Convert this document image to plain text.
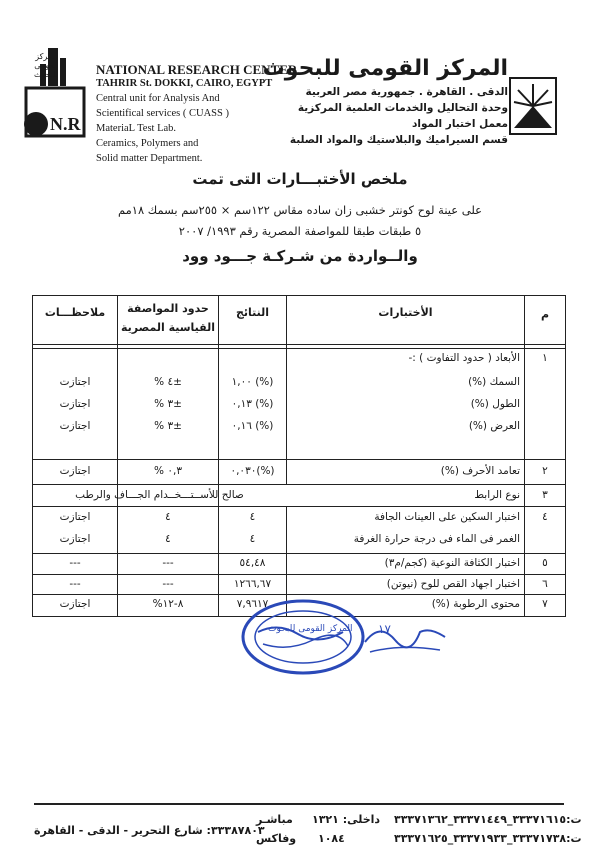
N.R
المركز
القومى
للبحوث	NATIONAL RESEARCH CENTER
TAHRIR St. DOKKI, CAIRO, EGYPT
Central unit for Analysis And
Scientifical services ( CUASS )
MateriaL Test Lab.
Ceramics, Polymers and
Solid matter Department.
المركز القومى للبحوث
الدقى . القاهرة . جمهورية مصر العربية
وحدة التحاليل والخدمات العلمية المركزية
معمل اختبار المواد
قسم السيراميك والبلاستيك والمواد الصلبة
ملخص الأختبـــارات التى تمت
على عينة لوح كونتر خشبى زان ساده مقاس ١٢٢سم × ٢٥٥سم بسمك ١٨مم
٥ طبقات طبقا للمواصفة المصرية رقم ١٩٩٣/ ٢٠٠٧
والــواردة من شـركـة جـــود وود
م
الأختبارات
النتائج
حدود المواصفة
القياسية المصرية
ملاحظـــات
١
الأبعاد ( حدود التفاوت ) :-
السمك (%)
(%) ١,٠٠
±٤ %
اجتازت
الطول (%)
(%) ٠,١٣
±٣ %
اجتازت
العرض (%)
(%) ٠,١٦
±٣ %
اجتازت
٢
تعامد الأحرف (%)
(%)٠,٠٣٠
٠,٣ %
اجتازت
٣
نوع الرابط
صالح للأســتـــخــدام الجـــاف والرطب
٤
اختبار السكين على العينات الجافة
٤
٤
اجتازت
الغمر فى الماء فى درجة حرارة الغرفة
٤
٤
اجتازت
٥
اختبار الكثافة النوعية (كجم/م٣)
٥٤,٤٨
---
---
٦
اختبار اجهاد القص للوح (نيوتن)
١٢٦٦,٦٧
---
---
٧
محتوى الرطوبة (%)
٧,٩٦١٧
٨-١٢%
اجتازت
المركز القومى للبحوث ١٧
ت:٣٣٣٧١٦١٥_٣٣٣٧١٤٤٩_٣٣٣٧١٣٦٢
ت:٣٣٣٧١٧٣٨_٣٣٣٧١٩٣٣_٣٣٣٧١٦٢٥
داخلى: ١٣٢١
١٠٨٤
مباشـر
وفاكس
٣٣٣٨٧٨٠٣: شارع التحرير - الدقى - القاهرة
